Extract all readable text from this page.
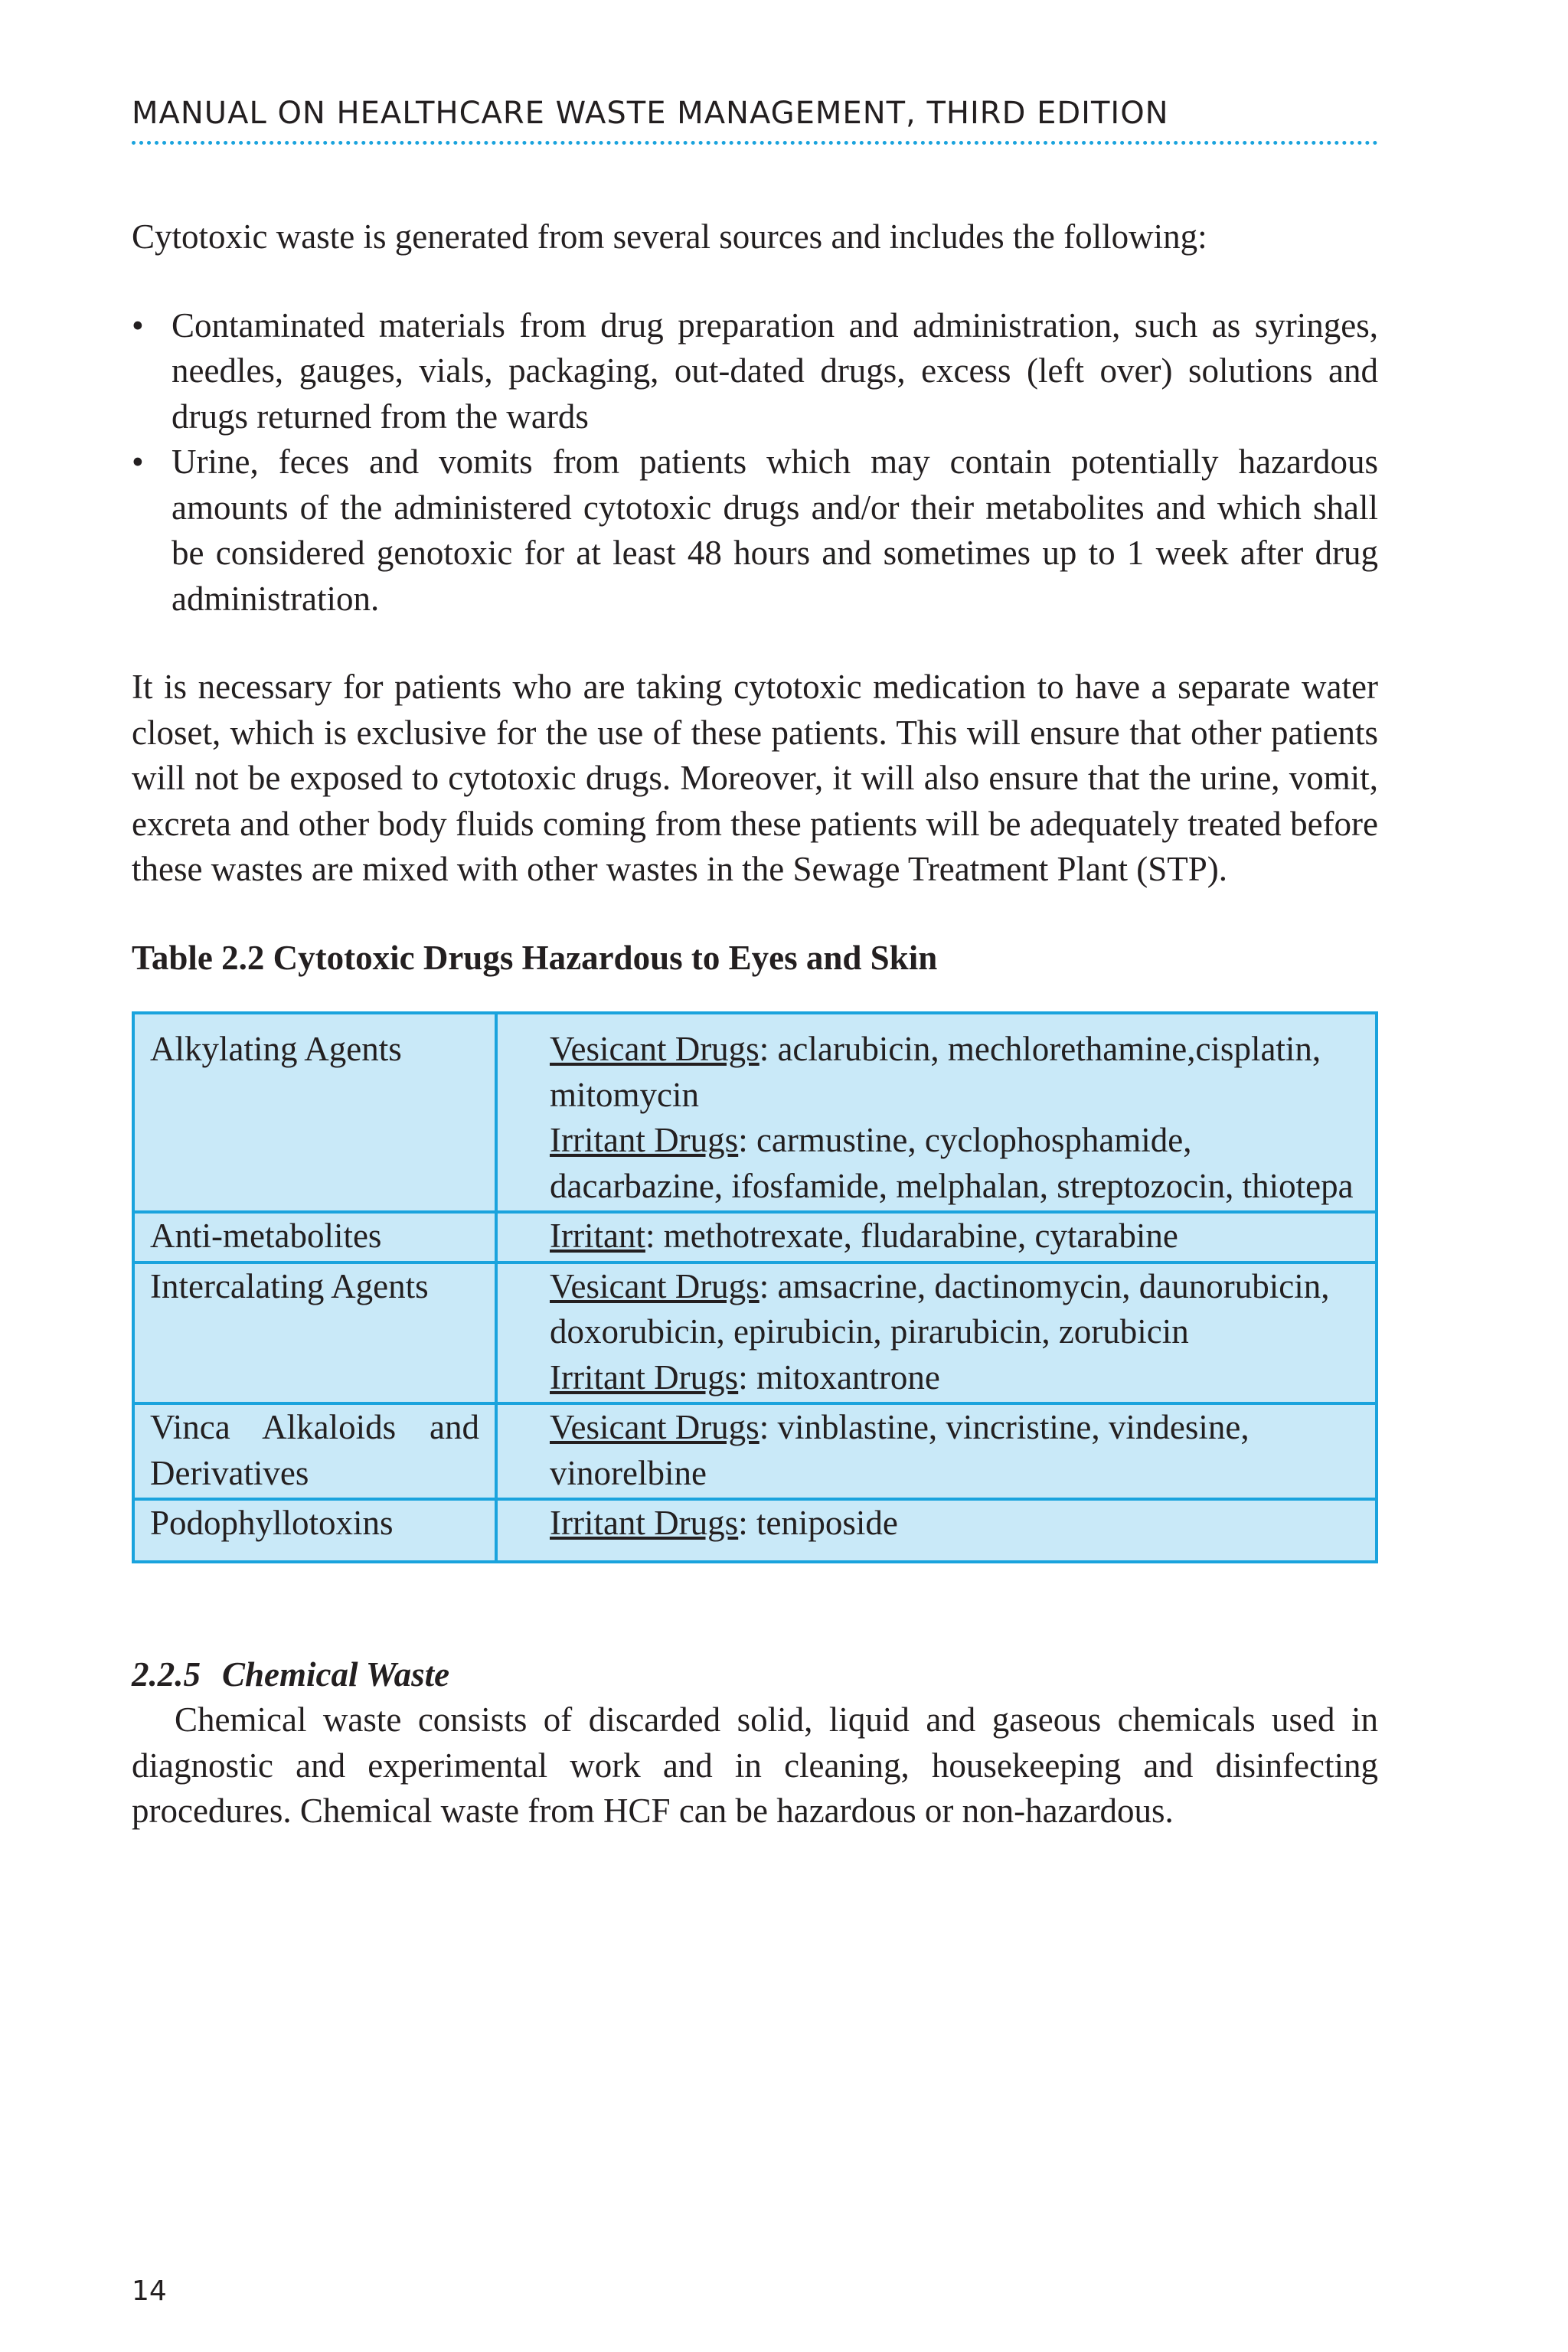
MANUAL ON HEALTHCARE WASTE MANAGEMENT, THIRD EDITION

Cytotoxic waste is generated from several sources and includes the following:

• Contaminated materials from drug preparation and administration, such as syringes, needles, gauges, vials, packaging, out-dated drugs, excess (left over) solutions and drugs returned from the wards
• Urine, feces and vomits from patients which may contain potentially hazardous amounts of the administered cytotoxic drugs and/or their metabolites and which shall be considered genotoxic for at least 48 hours and sometimes up to 1 week after drug administration.

It is necessary for patients who are taking cytotoxic medication to have a separate water closet, which is exclusive for the use of these patients. This will ensure that other patients will not be exposed to cytotoxic drugs. Moreover, it will also ensure that the urine, vomit, excreta and other body fluids coming from these patients will be adequately treated before these wastes are mixed with other wastes in the Sewage Treatment Plant (STP).

Table 2.2 Cytotoxic Drugs Hazardous to Eyes and Skin

Alkylating Agents	Vesicant Drugs: aclarubicin, mechlorethamine,cisplatin, mitomycin
Irritant Drugs: carmustine, cyclophosphamide, dacarbazine, ifosfamide, melphalan, streptozocin, thiotepa
Anti-metabolites	Irritant: methotrexate, fludarabine, cytarabine
Intercalating Agents	Vesicant Drugs: amsacrine, dactinomycin, daunorubicin, doxorubicin, epirubicin, pirarubicin, zorubicin
Irritant Drugs: mitoxantrone
Vinca Alkaloids and Derivatives	Vesicant Drugs: vinblastine, vincristine, vindesine, vinorelbine
Podophyllotoxins	Irritant Drugs: teniposide

2.2.5 Chemical Waste

Chemical waste consists of discarded solid, liquid and gaseous chemicals used in diagnostic and experimental work and in cleaning, housekeeping and disinfecting procedures. Chemical waste from HCF can be hazardous or non-hazardous.

14
